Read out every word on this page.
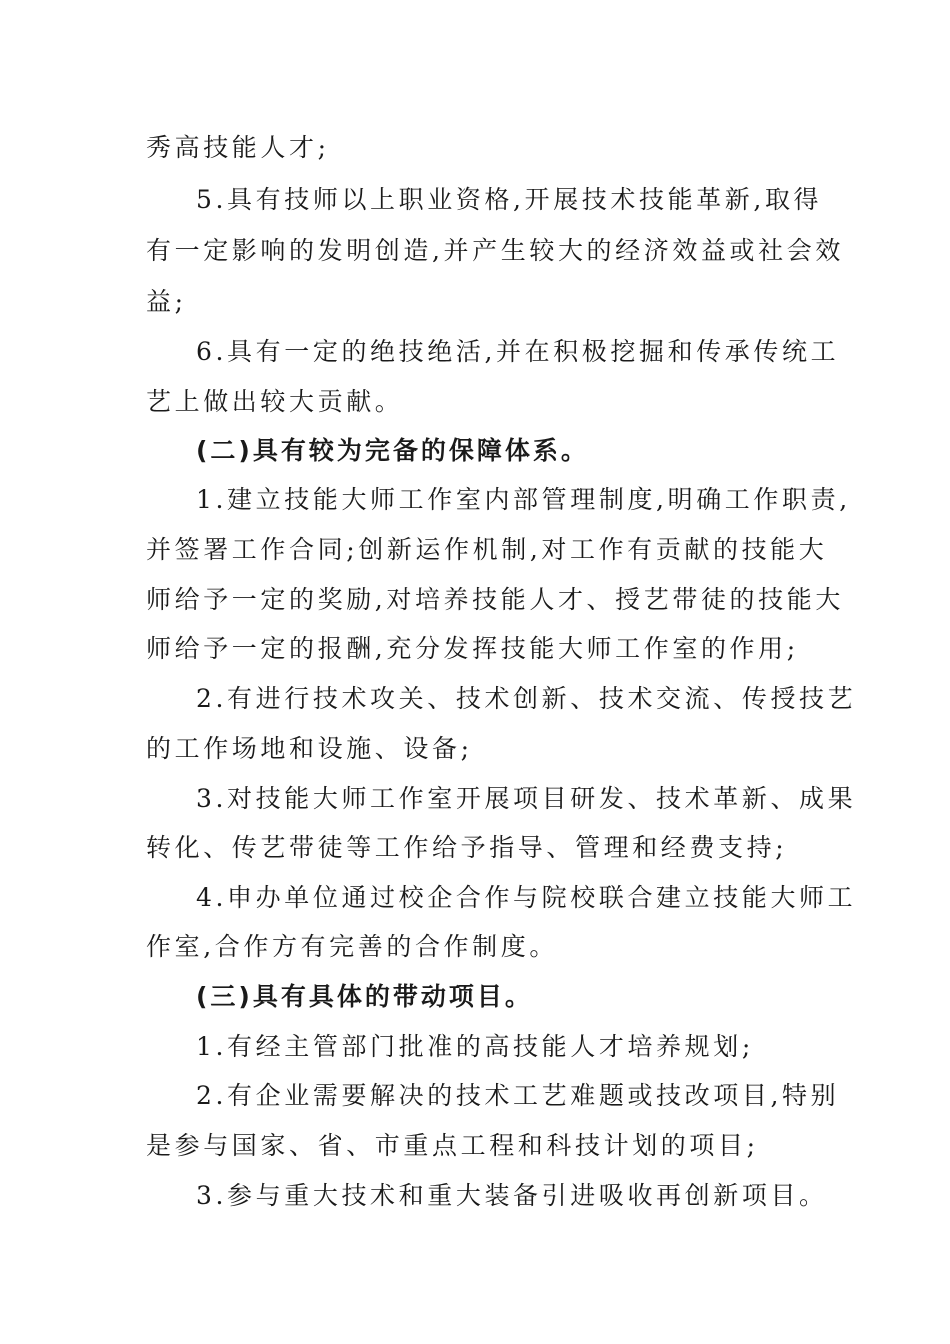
秀高技能人才;
5.具有技师以上职业资格,开展技术技能革新,取得
有一定影响的发明创造,并产生较大的经济效益或社会效
益;
6.具有一定的绝技绝活,并在积极挖掘和传承传统工
艺上做出较大贡献。
(二)具有较为完备的保障体系。
1.建立技能大师工作室内部管理制度,明确工作职责,
并签署工作合同;创新运作机制,对工作有贡献的技能大
师给予一定的奖励,对培养技能人才、授艺带徒的技能大
师给予一定的报酬,充分发挥技能大师工作室的作用;
2.有进行技术攻关、技术创新、技术交流、传授技艺
的工作场地和设施、设备;
3.对技能大师工作室开展项目研发、技术革新、成果
转化、传艺带徒等工作给予指导、管理和经费支持;
4.申办单位通过校企合作与院校联合建立技能大师工
作室,合作方有完善的合作制度。
(三)具有具体的带动项目。
1.有经主管部门批准的高技能人才培养规划;
2.有企业需要解决的技术工艺难题或技改项目,特别
是参与国家、省、市重点工程和科技计划的项目;
3.参与重大技术和重大装备引进吸收再创新项目。
